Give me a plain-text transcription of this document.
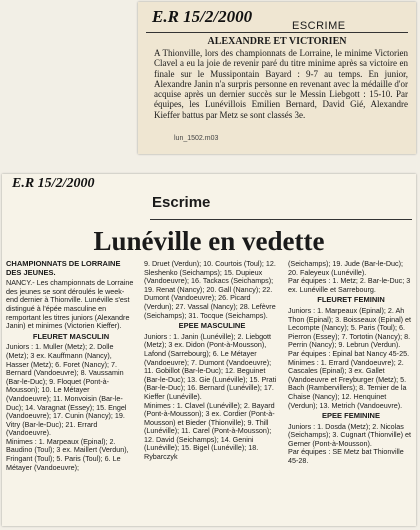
E.R 15/2/2000	ESCRIME
ALEXANDRE ET VICTORIEN
A Thionville, lors des championnats de Lorraine, le minime Victorien Clavel a eu la joie de revenir paré du titre minime après sa victoire en finale sur le Mussipontain Bayard : 9-7 au temps. En junior, Alexandre Janin n'a surpris personne en revenant avec la médaille d'or acquise après un dernier succès sur le Messin Liebgott : 15-10. Par équipes, les Lunévillois Emilien Bernard, David Gié, Alexandre Kieffer battus par Metz se sont classés 3e.
lun_1502.m03
E.R 15/2/2000
Escrime
Lunéville en vedette

CHAMPIONNATS DE LORRAINE DES JEUNES.

NANCY.- Les championnats de Lorraine des jeunes se sont déroulés le week-end dernier à Thionville. Lunéville s'est distingué à l'épée masculine en remportant les titres juniors (Alexandre Janin) et minimes (Victorien Kieffer).

FLEURET MASCULIN

Juniors : 1. Muller (Metz); 2. Dolle (Metz); 3 ex. Kauffmann (Nancy), Hasser (Metz); 6. Foret (Nancy); 7. Bernard (Vandoeuvre); 8. Vaussamin (Bar-le-Duc); 9. Floquet (Pont-à-Mousson); 10. Le Métayer (Vandoeuvre); 11. Monvoisin (Bar-le-Duc); 14. Varagnat (Essey); 15. Engel (Vandoeuvre); 17. Cunin (Nancy); 19. Vitry (Bar-le-Duc); 21. Errard (Vandoeuvre).

Minimes : 1. Marpeaux (Epinal); 2. Baudino (Toul); 3 ex. Maillert (Verdun), Fringant (Toul); 5. Paris (Toul); 6. Le Métayer (Vandoeuvre);

9. Druet (Verdun); 10. Courtois (Toul); 12. Sleshenko (Seichamps); 15. Dupieux (Vandoeuvre); 16. Tackacs (Seichamps); 19. Renat (Nancy); 20. Gall (Nancy); 22. Dumont (Vandoeuvre); 26. Picard (Verdun); 27. Vassal (Nancy); 28. Lefèvre (Seichamps); 31. Tocque (Seichamps).

EPEE MASCULINE

Juniors : 1. Janin (Lunéville); 2. Liebgott (Metz); 3 ex. Didon (Pont-à-Mousson), Lafond (Sarrebourg); 6. Le Métayer (Vandoeuvre); 7. Dumont (Vandoeuvre); 11. Gobillot (Bar-le-Duc); 12. Beguinet (Bar-le-Duc); 13. Gie (Lunéville); 15. Prati (Bar-le-Duc); 16. Bernard (Lunéville); 17. Kieffer (Lunéville).

Minimes : 1. Clavel (Lunéville); 2. Bayard (Pont-à-Mousson); 3 ex. Cordier (Pont-à-Mousson) et Bieder (Thionville); 9. Thill (Lunéville); 11. Carel (Pont-à-Mousson); 12. David (Seichamps); 14. Genini (Lunéville); 15. Bigel (Lunéville); 18. Rybarczyk

(Seichamps); 19. Jude (Bar-le-Duc); 20. Faleyeux (Lunéville).

Par équipes : 1. Metz; 2. Bar-le-Duc; 3 ex. Lunéville et Sarrebourg.

FLEURET FEMININ

Juniors : 1. Marpeaux (Epinal); 2. Ah Thon (Epinal); 3. Boisseaux (Epinal) et Lecompte (Nancy); 5. Paris (Toul); 6. Pierron (Essey); 7. Tortotin (Nancy); 8. Perrin (Nancy); 9. Lebrun (Verdun).

Par équipes : Epinal bat Nancy 45-25.

Minimes : 1. Errard (Vandoeuvre); 2. Cascales (Epinal); 3 ex. Gallet (Vandoeuvre et Freyburger (Metz); 5. Bach (Rambervillers); 8. Ternier de la Chaise (Nancy); 12. Henquinet (Verdun); 13. Metrich (Vandoeuvre).

EPEE FEMININE

Juniors : 1. Dosda (Metz); 2. Nicolas (Seichamps); 3. Cugnart (Thionville) et Gerner (Pont-à-Mousson).

Par équipes : SE Metz bat Thionville 45-28.
